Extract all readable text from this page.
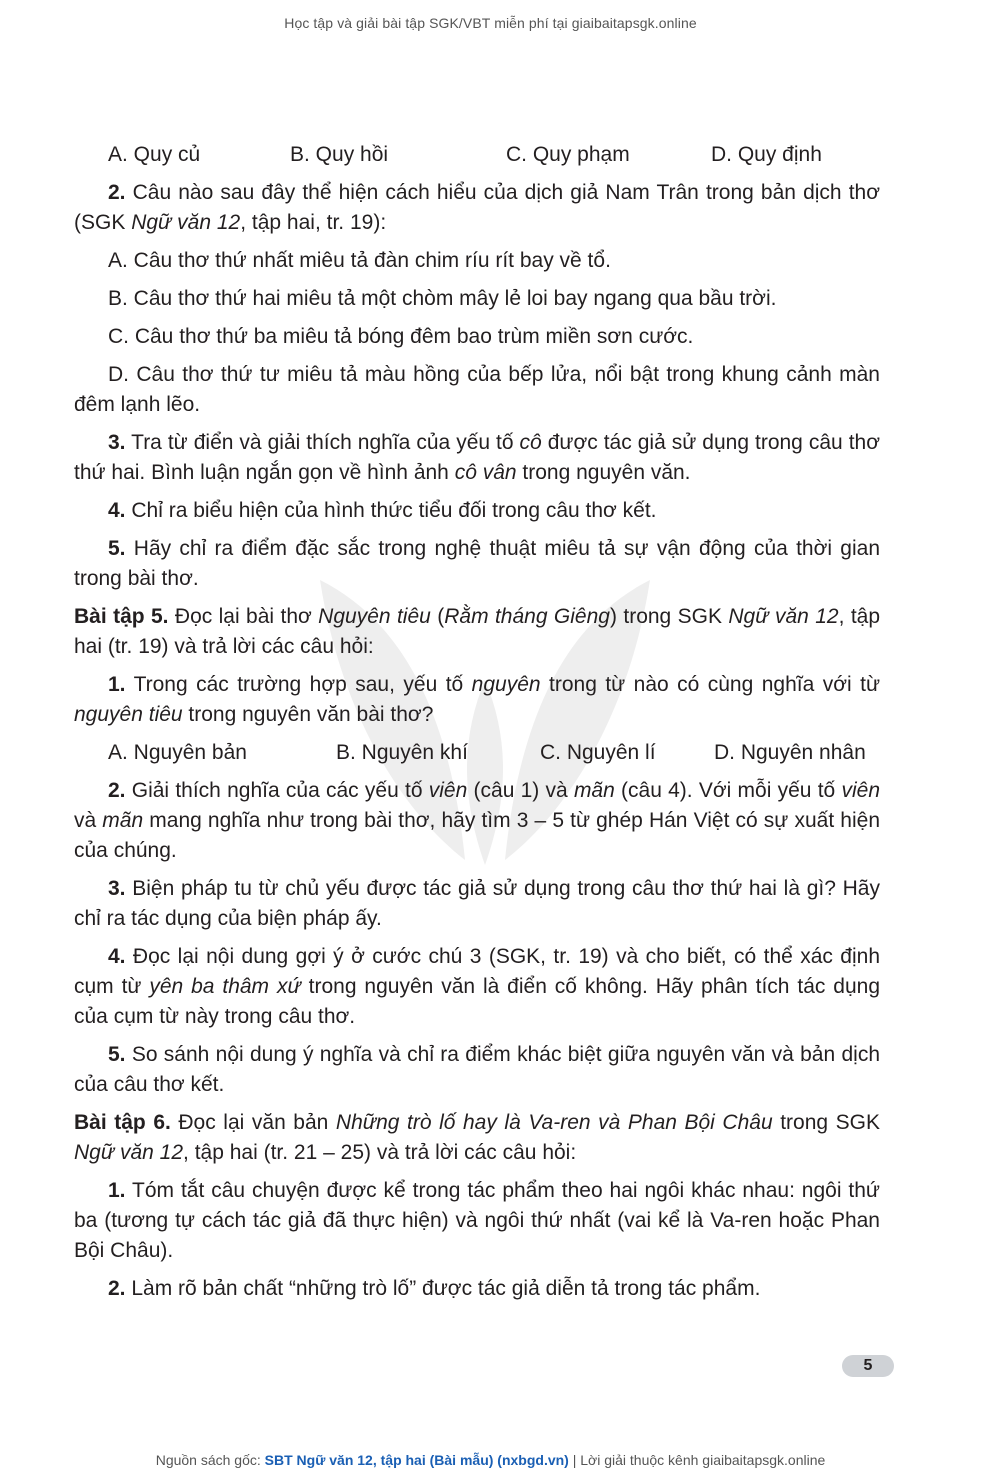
Học tập và giải bài tập SGK/VBT miễn phí tại giaibaitapsgk.online
A. Quy củ	B. Quy hồi	C. Quy phạm	D. Quy định

2. Câu nào sau đây thể hiện cách hiểu của dịch giả Nam Trân trong bản dịch thơ (SGK Ngữ văn 12, tập hai, tr. 19):

A. Câu thơ thứ nhất miêu tả đàn chim ríu rít bay về tổ.

B. Câu thơ thứ hai miêu tả một chòm mây lẻ loi bay ngang qua bầu trời.

C. Câu thơ thứ ba miêu tả bóng đêm bao trùm miền sơn cước.

D. Câu thơ thứ tư miêu tả màu hồng của bếp lửa, nổi bật trong khung cảnh màn đêm lạnh lẽo.

3. Tra từ điển và giải thích nghĩa của yếu tố cô được tác giả sử dụng trong câu thơ thứ hai. Bình luận ngắn gọn về hình ảnh cô vân trong nguyên văn.

4. Chỉ ra biểu hiện của hình thức tiểu đối trong câu thơ kết.

5. Hãy chỉ ra điểm đặc sắc trong nghệ thuật miêu tả sự vận động của thời gian trong bài thơ.

Bài tập 5. Đọc lại bài thơ Nguyên tiêu (Rằm tháng Giêng) trong SGK Ngữ văn 12, tập hai (tr. 19) và trả lời các câu hỏi:

1. Trong các trường hợp sau, yếu tố nguyên trong từ nào có cùng nghĩa với từ nguyên tiêu trong nguyên văn bài thơ?

A. Nguyên bản	B. Nguyên khí	C. Nguyên lí	D. Nguyên nhân

2. Giải thích nghĩa của các yếu tố viên (câu 1) và mãn (câu 4). Với mỗi yếu tố viên và mãn mang nghĩa như trong bài thơ, hãy tìm 3 – 5 từ ghép Hán Việt có sự xuất hiện của chúng.

3. Biện pháp tu từ chủ yếu được tác giả sử dụng trong câu thơ thứ hai là gì? Hãy chỉ ra tác dụng của biện pháp ấy.

4. Đọc lại nội dung gợi ý ở cước chú 3 (SGK, tr. 19) và cho biết, có thể xác định cụm từ yên ba thâm xứ trong nguyên văn là điển cố không. Hãy phân tích tác dụng của cụm từ này trong câu thơ.

5. So sánh nội dung ý nghĩa và chỉ ra điểm khác biệt giữa nguyên văn và bản dịch của câu thơ kết.

Bài tập 6. Đọc lại văn bản Những trò lố hay là Va-ren và Phan Bội Châu trong SGK Ngữ văn 12, tập hai (tr. 21 – 25) và trả lời các câu hỏi:

1. Tóm tắt câu chuyện được kể trong tác phẩm theo hai ngôi khác nhau: ngôi thứ ba (tương tự cách tác giả đã thực hiện) và ngôi thứ nhất (vai kể là Va-ren hoặc Phan Bội Châu).

2. Làm rõ bản chất “những trò lố” được tác giả diễn tả trong tác phẩm.

5
Nguồn sách gốc: SBT Ngữ văn 12, tập hai (Bài mẫu) (nxbgd.vn) | Lời giải thuộc kênh giaibaitapsgk.online
